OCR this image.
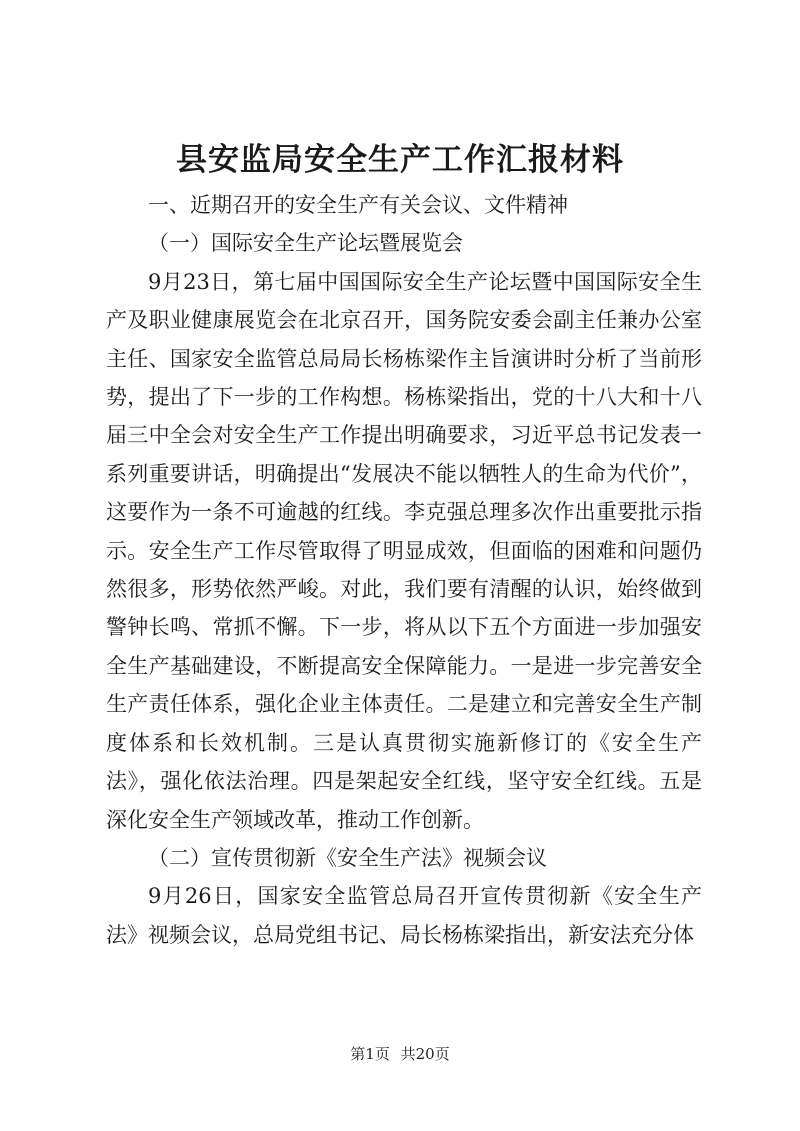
县安监局安全生产工作汇报材料

一、近期召开的安全生产有关会议、文件精神

（一）国际安全生产论坛暨展览会

9月23日，第七届中国国际安全生产论坛暨中国国际安全生产及职业健康展览会在北京召开，国务院安委会副主任兼办公室主任、国家安全监管总局局长杨栋梁作主旨演讲时分析了当前形势，提出了下一步的工作构想。杨栋梁指出，党的十八大和十八届三中全会对安全生产工作提出明确要求，习近平总书记发表一系列重要讲话，明确提出“发展决不能以牺牲人的生命为代价”，这要作为一条不可逾越的红线。李克强总理多次作出重要批示指示。安全生产工作尽管取得了明显成效，但面临的困难和问题仍然很多，形势依然严峻。对此，我们要有清醒的认识，始终做到警钟长鸣、常抓不懈。下一步，将从以下五个方面进一步加强安全生产基础建设，不断提高安全保障能力。一是进一步完善安全生产责任体系，强化企业主体责任。二是建立和完善安全生产制度体系和长效机制。三是认真贯彻实施新修订的《安全生产法》，强化依法治理。四是架起安全红线，坚守安全红线。五是深化安全生产领域改革，推动工作创新。

（二）宣传贯彻新《安全生产法》视频会议

9月26日，国家安全监管总局召开宣传贯彻新《安全生产法》视频会议，总局党组书记、局长杨栋梁指出，新安法充分体

第1页 共20页
